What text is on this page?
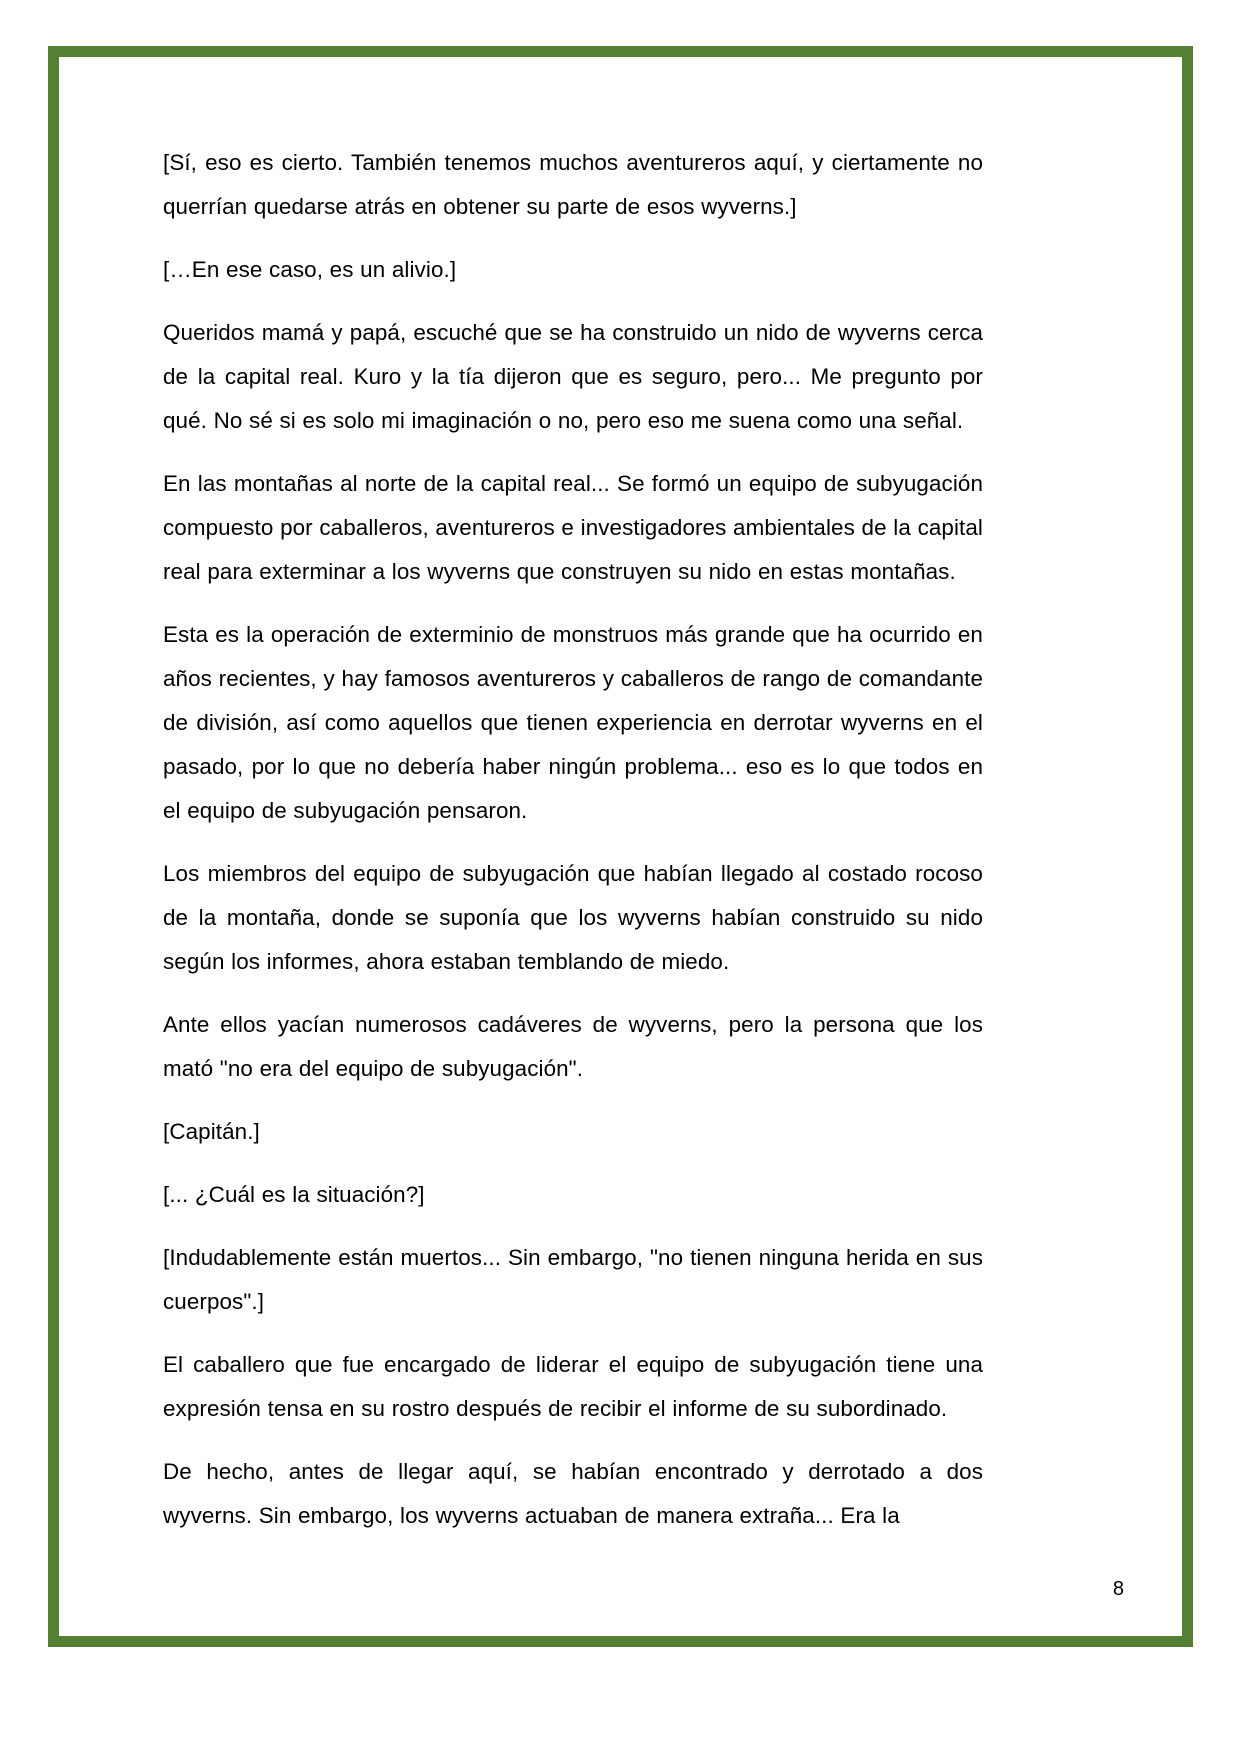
[Sí, eso es cierto. También tenemos muchos aventureros aquí, y ciertamente no querrían quedarse atrás en obtener su parte de esos wyverns.]

[…En ese caso, es un alivio.]

Queridos mamá y papá, escuché que se ha construido un nido de wyverns cerca de la capital real. Kuro y la tía dijeron que es seguro, pero... Me pregunto por qué. No sé si es solo mi imaginación o no, pero eso me suena como una señal.

En las montañas al norte de la capital real... Se formó un equipo de subyugación compuesto por caballeros, aventureros e investigadores ambientales de la capital real para exterminar a los wyverns que construyen su nido en estas montañas.

Esta es la operación de exterminio de monstruos más grande que ha ocurrido en años recientes, y hay famosos aventureros y caballeros de rango de comandante de división, así como aquellos que tienen experiencia en derrotar wyverns en el pasado, por lo que no debería haber ningún problema... eso es lo que todos en el equipo de subyugación pensaron.

Los miembros del equipo de subyugación que habían llegado al costado rocoso de la montaña, donde se suponía que los wyverns habían construido su nido según los informes, ahora estaban temblando de miedo.

Ante ellos yacían numerosos cadáveres de wyverns, pero la persona que los mató "no era del equipo de subyugación".

[Capitán.]

[... ¿Cuál es la situación?]

[Indudablemente están muertos... Sin embargo, "no tienen ninguna herida en sus cuerpos".]

El caballero que fue encargado de liderar el equipo de subyugación tiene una expresión tensa en su rostro después de recibir el informe de su subordinado.

De hecho, antes de llegar aquí, se habían encontrado y derrotado a dos wyverns. Sin embargo, los wyverns actuaban de manera extraña... Era la

8
